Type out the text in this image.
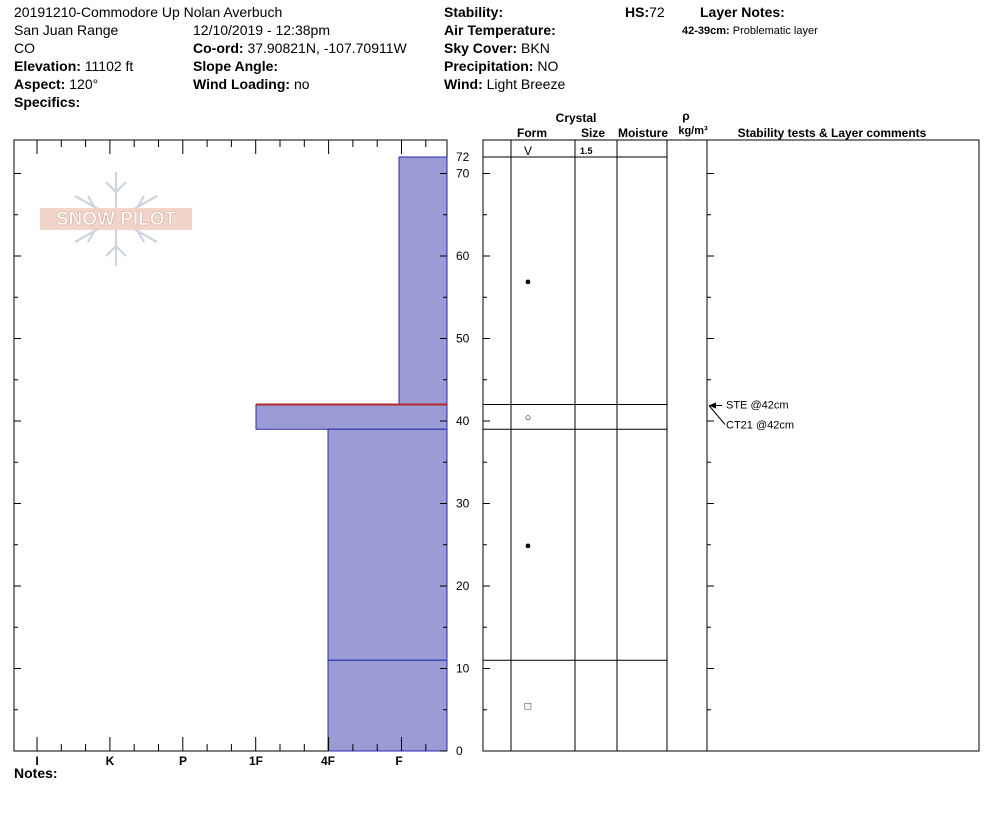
20191210-Commodore Up Nolan Averbuch
San Juan Range
CO
Elevation: 11102 ft
Aspect: 120°
Specifics:
12/10/2019 - 12:38pm
Co-ord: 37.90821N, -107.70911W
Slope Angle:
Wind Loading: no
Stability:
Air Temperature:
Sky Cover: BKN
Precipitation: NO
Wind: Light Breeze
HS:72	Layer Notes:
42-39cm: Problematic layer
SNOW PILOT
0
10
20
30
40
50
60
70
72
I	K	P	1F	4F	F
●
○
●
□
STE @42cm
CT21 @42cm
Crystal
Form	Size Moisture
ρ
kg/m³ Stability tests & Layer comments
V	1.5
Notes:
